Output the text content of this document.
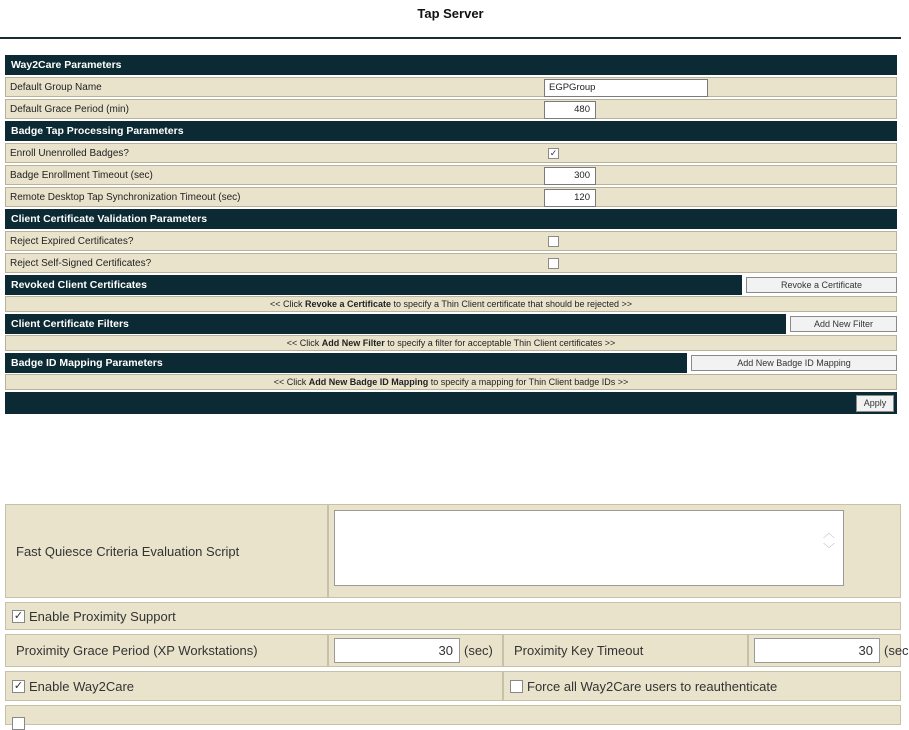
Tap Server
Way2Care Parameters
Default Group Name	EGPGroup
Default Grace Period (min)	480
Badge Tap Processing Parameters
Enroll Unenrolled Badges?	✓
Badge Enrollment Timeout (sec)	300
Remote Desktop Tap Synchronization Timeout (sec)	120
Client Certificate Validation Parameters
Reject Expired Certificates?
Reject Self-Signed Certificates?
Revoked Client Certificates	Revoke a Certificate
<< Click Revoke a Certificate to specify a Thin Client certificate that should be rejected >>
Client Certificate Filters	Add New Filter
<< Click Add New Filter to specify a filter for acceptable Thin Client certificates >>
Badge ID Mapping Parameters	Add New Badge ID Mapping
<< Click Add New Badge ID Mapping to specify a mapping for Thin Client badge IDs >>
Apply
Fast Quiesce Criteria Evaluation Script
︿
﹀
✓ Enable Proximity Support
Proximity Grace Period (XP Workstations)	30 (sec)	Proximity Key Timeout	30 (sec
✓ Enable Way2Care	Force all Way2Care users to reauthenticate
